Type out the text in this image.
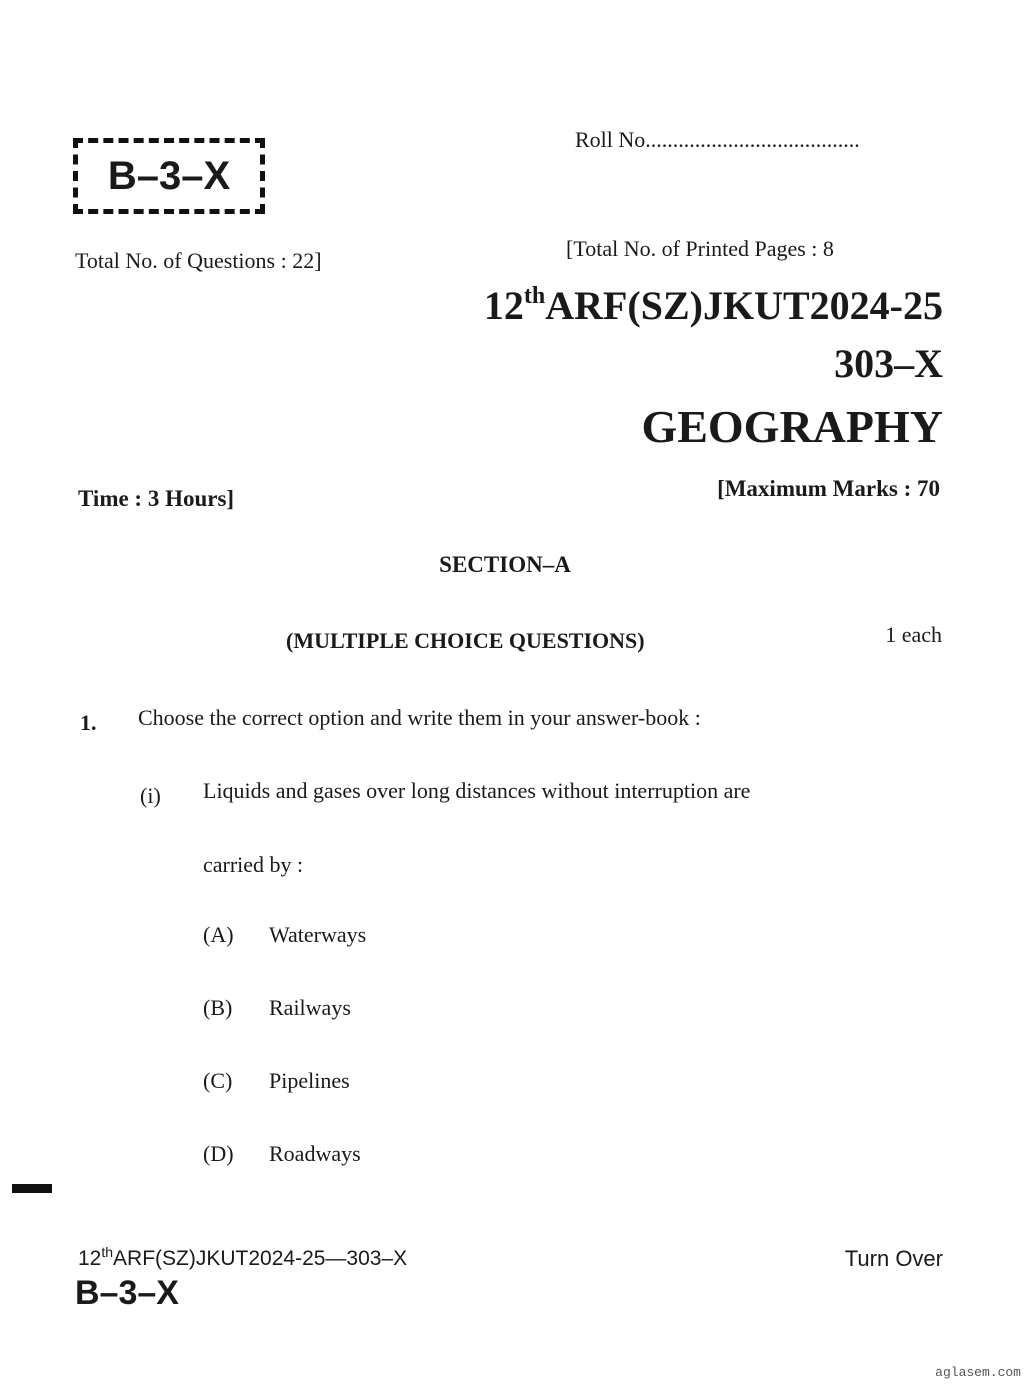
B–3–X
Roll No.......................................
Total No. of Questions : 22]	[Total No. of Printed Pages : 8
12thARF(SZ)JKUT2024-25
303–X
GEOGRAPHY
Time : 3 Hours]	[Maximum Marks : 70
SECTION–A
(MULTIPLE CHOICE QUESTIONS)	1 each
1. Choose the correct option and write them in your answer-book :
(i) Liquids and gases over long distances without interruption are
carried by :
(A) Waterways
(B) Railways
(C) Pipelines
(D) Roadways
12thARF(SZ)JKUT2024-25—303–X
B–3–X
Turn Over
aglasem.com
